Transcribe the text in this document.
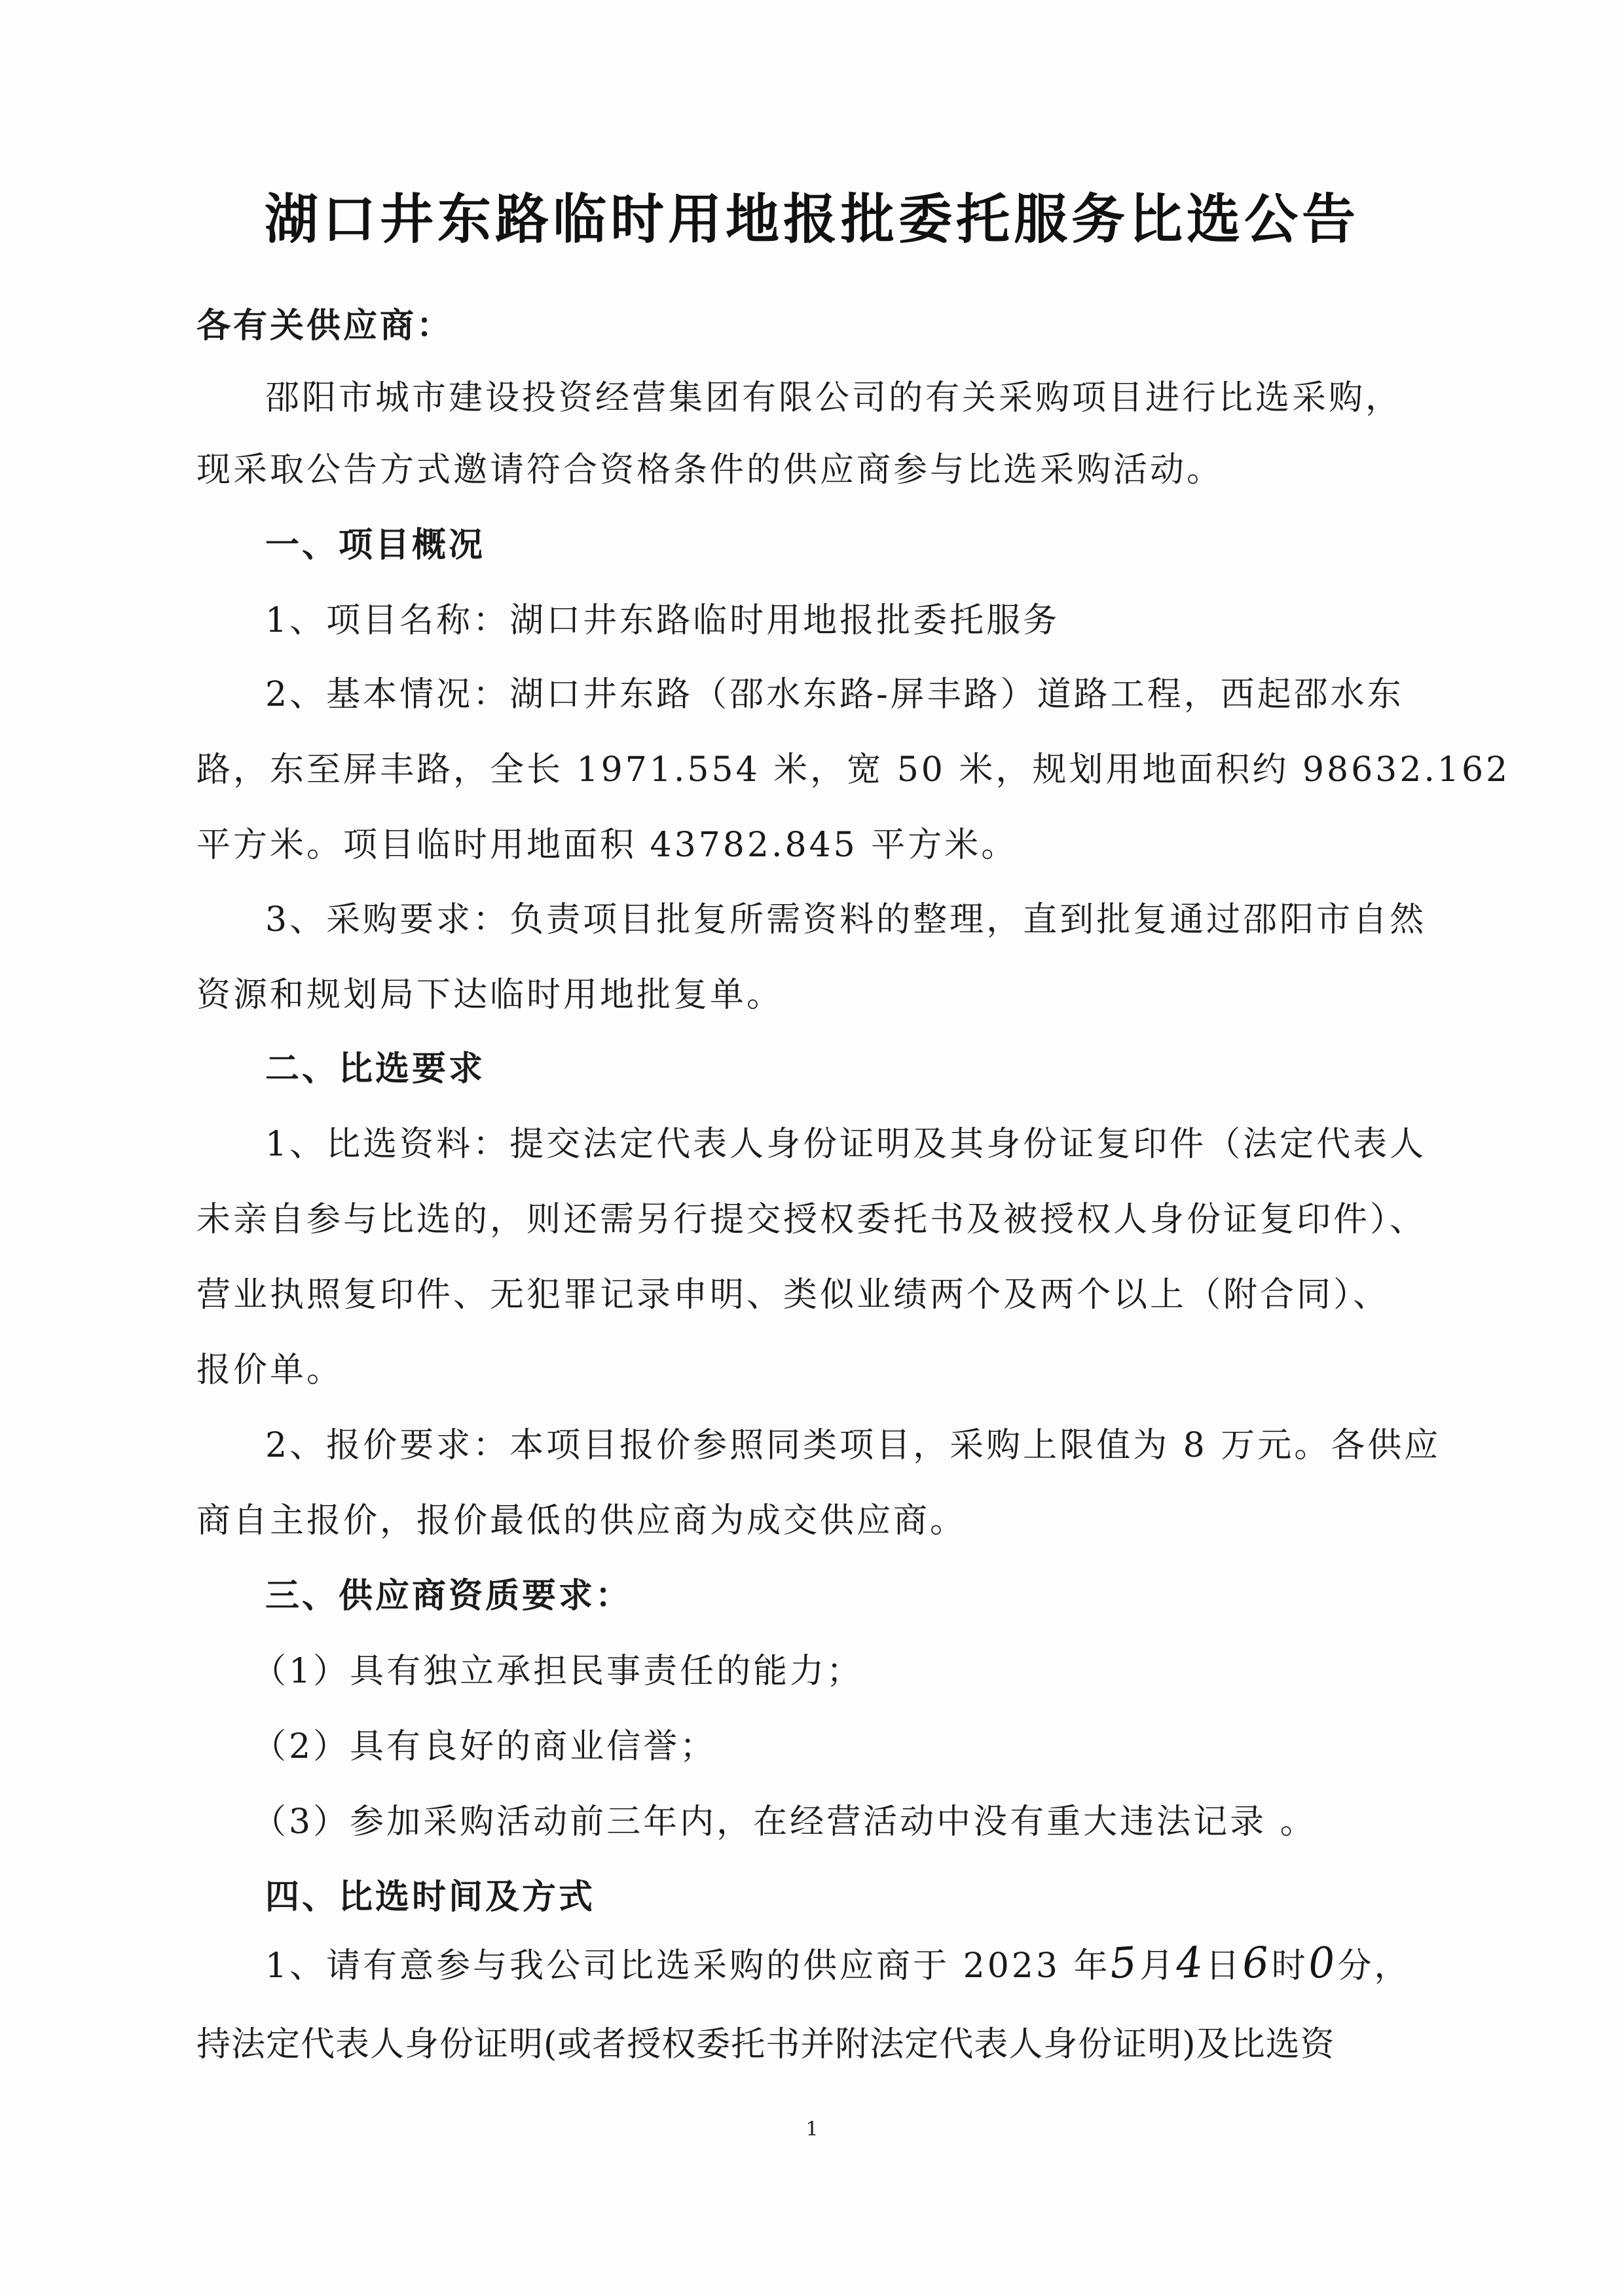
湖口井东路临时用地报批委托服务比选公告
各有关供应商：
邵阳市城市建设投资经营集团有限公司的有关采购项目进行比选采购，
现采取公告方式邀请符合资格条件的供应商参与比选采购活动。
一、项目概况
1、项目名称：湖口井东路临时用地报批委托服务
2、基本情况：湖口井东路（邵水东路-屏丰路）道路工程，西起邵水东
路，东至屏丰路，全长 1971.554 米，宽 50 米，规划用地面积约 98632.162
平方米。项目临时用地面积 43782.845 平方米。
3、采购要求：负责项目批复所需资料的整理，直到批复通过邵阳市自然
资源和规划局下达临时用地批复单。
二、比选要求
1、比选资料：提交法定代表人身份证明及其身份证复印件（法定代表人
未亲自参与比选的，则还需另行提交授权委托书及被授权人身份证复印件）、
营业执照复印件、无犯罪记录申明、类似业绩两个及两个以上（附合同）、
报价单。
2、报价要求：本项目报价参照同类项目，采购上限值为 8 万元。各供应
商自主报价，报价最低的供应商为成交供应商。
三、供应商资质要求：
（1）具有独立承担民事责任的能力；
（2）具有良好的商业信誉；
（3）参加采购活动前三年内，在经营活动中没有重大违法记录 。
四、比选时间及方式
1、请有意参与我公司比选采购的供应商于 2023 年5月4日6时0分，
持法定代表人身份证明(或者授权委托书并附法定代表人身份证明)及比选资
1
